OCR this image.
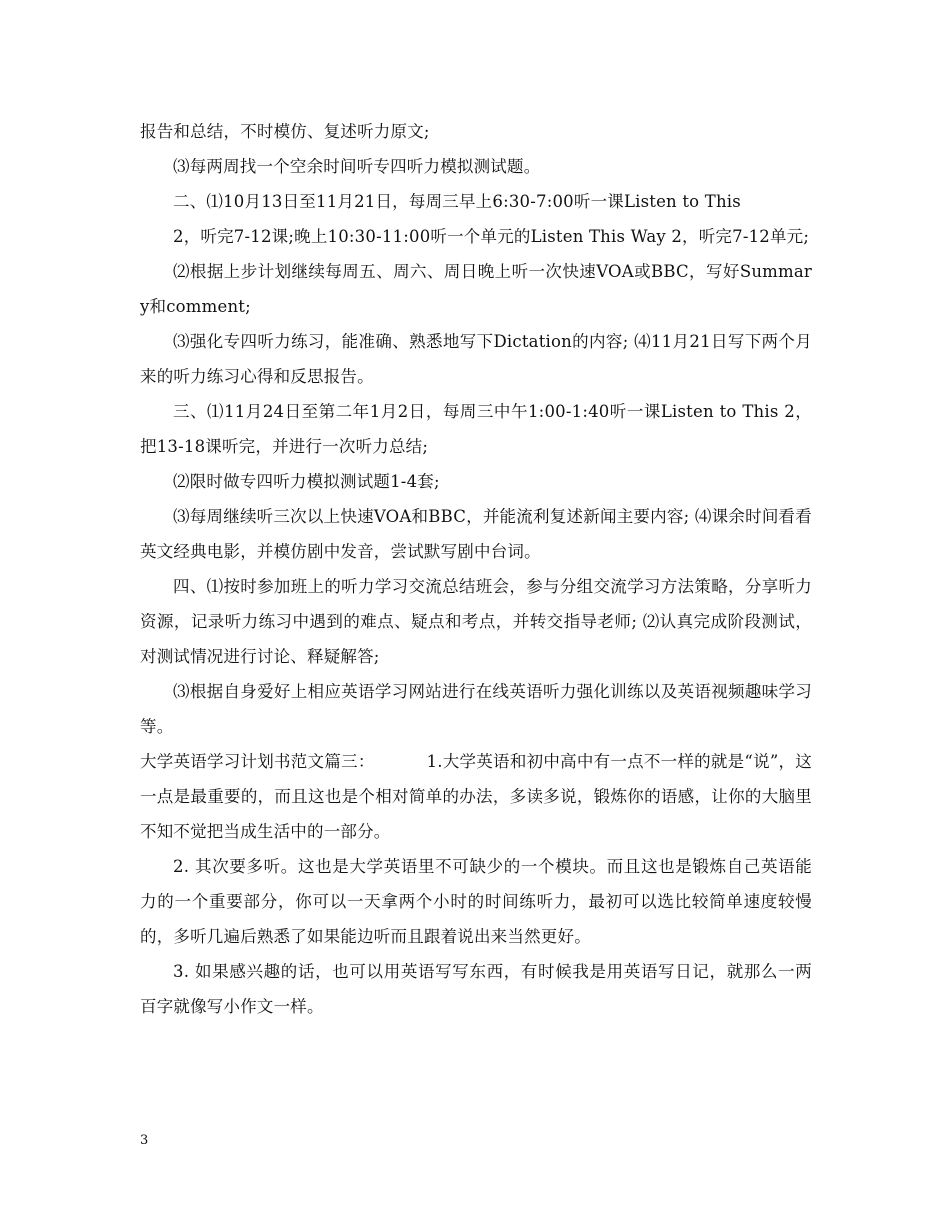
报告和总结，不时模仿、复述听力原文;

⑶每两周找一个空余时间听专四听力模拟测试题。

二、⑴10月13日至11月21日，每周三早上6:30-7:00听一课Listen to This

2，听完7-12课;晚上10:30-11:00听一个单元的Listen This Way 2，听完7-12单元;

⑵根据上步计划继续每周五、周六、周日晚上听一次快速VOA或BBC，写好Summary和comment;

⑶强化专四听力练习，能准确、熟悉地写下Dictation的内容; ⑷11月21日写下两个月来的听力练习心得和反思报告。

三、⑴11月24日至第二年1月2日，每周三中午1:00-1:40听一课Listen to This 2，把13-18课听完，并进行一次听力总结;

⑵限时做专四听力模拟测试题1-4套;

⑶每周继续听三次以上快速VOA和BBC，并能流利复述新闻主要内容; ⑷课余时间看看英文经典电影，并模仿剧中发音，尝试默写剧中台词。

四、⑴按时参加班上的听力学习交流总结班会，参与分组交流学习方法策略，分享听力资源，记录听力练习中遇到的难点、疑点和考点，并转交指导老师; ⑵认真完成阶段测试，对测试情况进行讨论、释疑解答;

⑶根据自身爱好上相应英语学习网站进行在线英语听力强化训练以及英语视频趣味学习等。

大学英语学习计划书范文篇三：	1.大学英语和初中高中有一点不一样的就是“说”，这一点是最重要的，而且这也是个相对简单的办法，多读多说，锻炼你的语感，让你的大脑里不知不觉把当成生活中的一部分。

2. 其次要多听。这也是大学英语里不可缺少的一个模块。而且这也是锻炼自己英语能力的一个重要部分，你可以一天拿两个小时的时间练听力，最初可以选比较简单速度较慢的，多听几遍后熟悉了如果能边听而且跟着说出来当然更好。

3. 如果感兴趣的话，也可以用英语写写东西，有时候我是用英语写日记，就那么一两百字就像写小作文一样。

3
